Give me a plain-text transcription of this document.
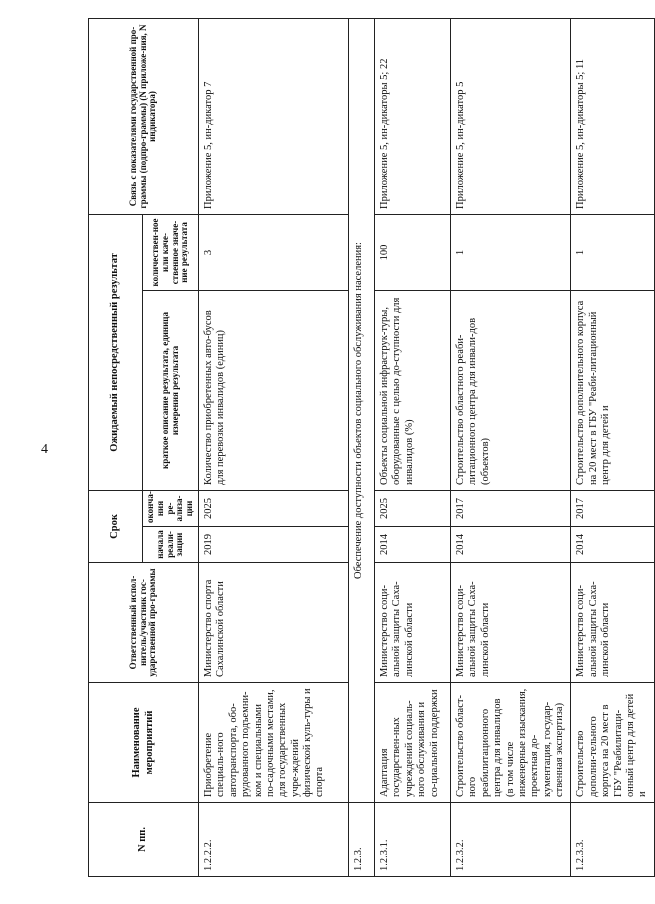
4
N пп.	Наименование мероприятий	Ответственный испол-нитель/участник гос-ударственной про-граммы	Срок		Ожидаемый непосредственный результат		Связь с показателями государственной про-граммы (подпро-граммы) (N приложе-ния, N индикатора)
			начала реали-зации	оконча-ния ре-ализа-ции	краткое описание результата, единица измерения результата	количествен-ное или каче-ственное значе-ние результата	
1.2.2.2.	Приобретение специаль-ного автотранспорта, обо-рудованного подъемни-ком и специальными по-садочными местами, для государственных учре-ждений физической куль-туры и спорта	Министерство спорта Сахалинской области	2019	2025	Количество приобретенных авто-бусов для перевозки инвалидов (единиц)	3	Приложение 5, ин-дикатор 7
1.2.3.	Обеспечение доступности объектов социального обслуживания населения:						
1.2.3.1.	Адаптация государствен-ных учреждений социаль-ного обслуживания и со-циальной поддержки	Министерство соци-альной защиты Саха-линской области	2014	2025	Объекты социальной инфраструк-туры, оборудованные с целью до-ступности для инвалидов (%)	100	Приложение 5, ин-дикаторы 5; 22
1.2.3.2.	Строительство област-ного реабилитационного центра для инвалидов (в том числе инженерные изыскания, проектная до-кументация, государ-ственная экспертиза)	Министерство соци-альной защиты Саха-линской области	2014	2017	Строительство областного реаби-литационного центра для инвали-дов (объектов)	1	Приложение 5, ин-дикатор 5
1.2.3.3.	Строительство дополни-тельного корпуса на 20 мест в ГБУ "Реабилитаци-онный центр для детей и	Министерство соци-альной защиты Саха-линской области	2014	2017	Строительство дополнительного корпуса на 20 мест в ГБУ "Реаби-литационный центр для детей и	1	Приложение 5, ин-дикаторы 5; 11
